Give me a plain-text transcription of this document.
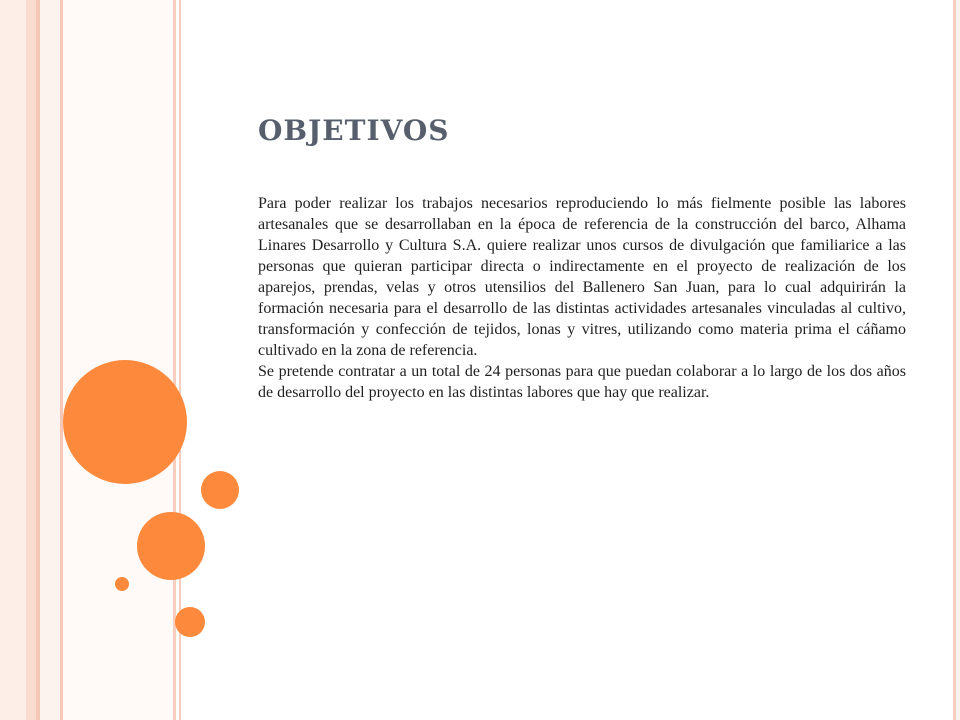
OBJETIVOS

Para poder realizar los trabajos necesarios reproduciendo lo más fielmente posible las labores artesanales que se desarrollaban en la época de referencia de la construcción del barco, Alhama Linares Desarrollo y Cultura S.A. quiere realizar unos cursos de divulgación que familiarice a las personas que quieran participar directa o indirectamente en el proyecto de realización de los aparejos, prendas, velas y otros utensilios del Ballenero San Juan, para lo cual adquirirán la formación necesaria para el desarrollo de las distintas actividades artesanales vinculadas al cultivo, transformación y confección de tejidos, lonas y vitres, utilizando como materia prima el cáñamo cultivado en la zona de referencia.

Se pretende contratar a un total de 24 personas para que puedan colaborar a lo largo de los dos años de desarrollo del proyecto en las distintas labores que hay que realizar.
